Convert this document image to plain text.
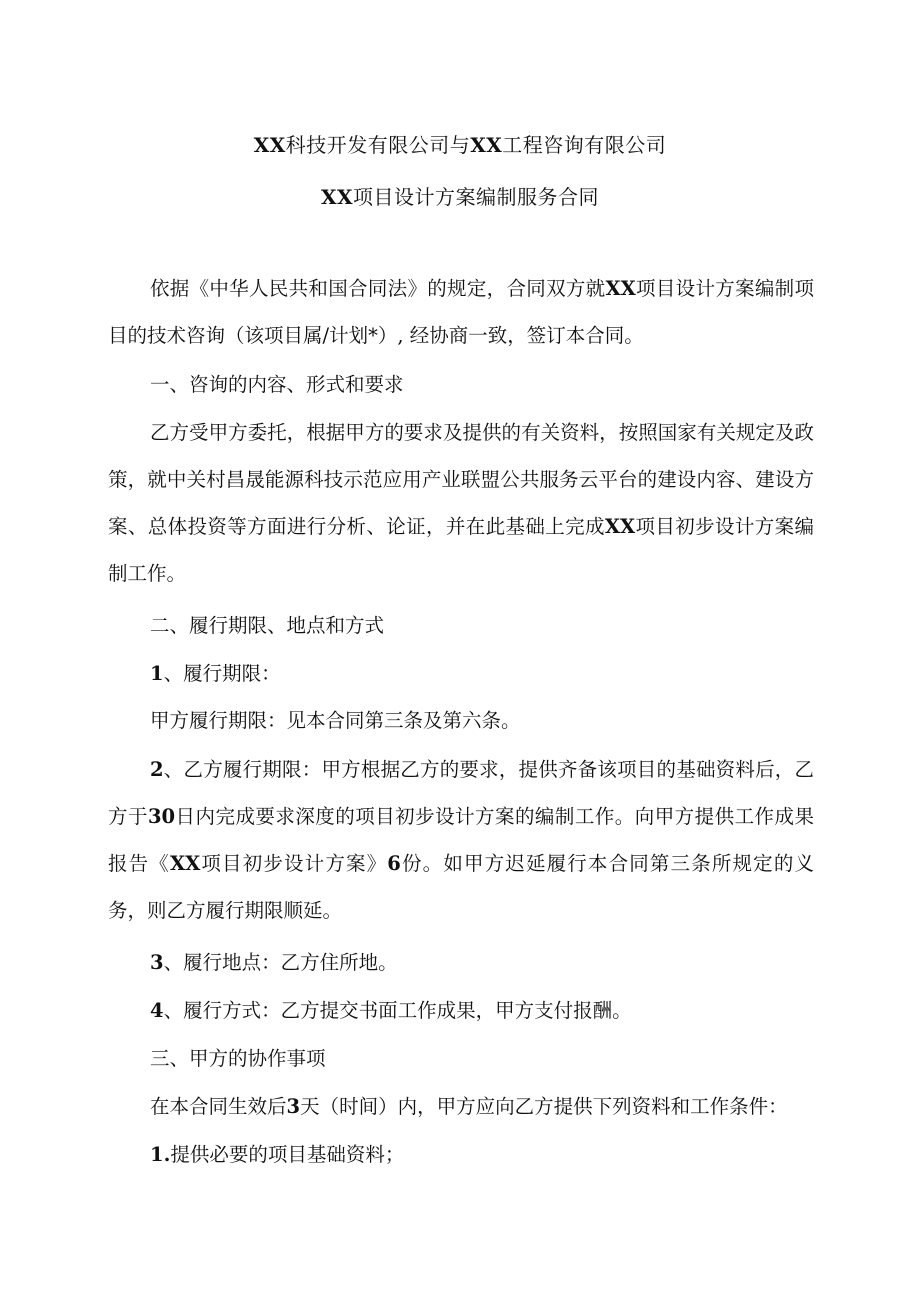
XX科技开发有限公司与XX工程咨询有限公司
XX项目设计方案编制服务合同

依据《中华人民共和国合同法》的规定，合同双方就XX项目设计方案编制项目的技术咨询（该项目属/计划*）, 经协商一致，签订本合同。

一、咨询的内容、形式和要求

乙方受甲方委托，根据甲方的要求及提供的有关资料，按照国家有关规定及政策，就中关村昌晟能源科技示范应用产业联盟公共服务云平台的建设内容、建设方案、总体投资等方面进行分析、论证，并在此基础上完成XX项目初步设计方案编制工作。

二、履行期限、地点和方式

1、履行期限：

甲方履行期限：见本合同第三条及第六条。

2、乙方履行期限：甲方根据乙方的要求，提供齐备该项目的基础资料后，乙方于30日内完成要求深度的项目初步设计方案的编制工作。向甲方提供工作成果报告《XX项目初步设计方案》6份。如甲方迟延履行本合同第三条所规定的义务，则乙方履行期限顺延。

3、履行地点：乙方住所地。

4、履行方式：乙方提交书面工作成果，甲方支付报酬。

三、甲方的协作事项

在本合同生效后3天（时间）内，甲方应向乙方提供下列资料和工作条件：

1.提供必要的项目基础资料；
